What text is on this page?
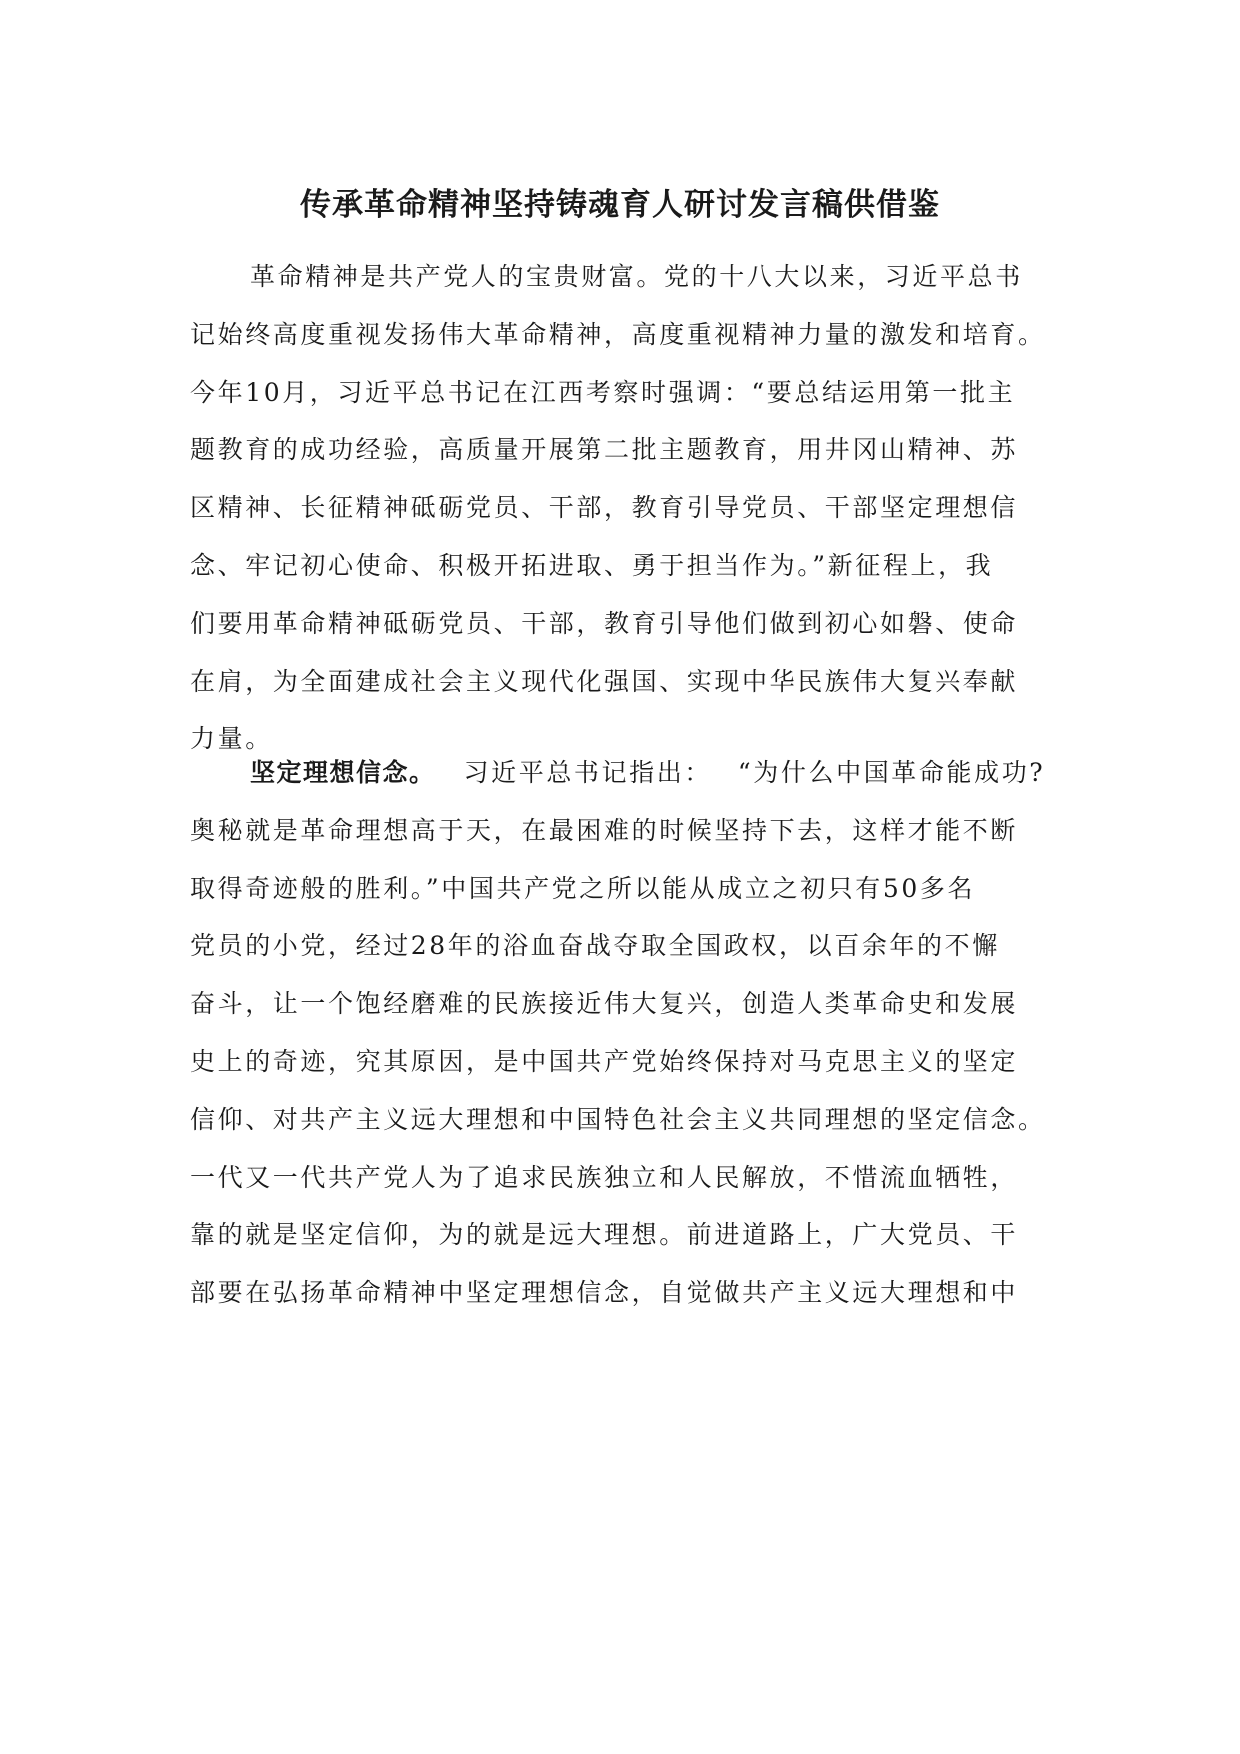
传承革命精神坚持铸魂育人研讨发言稿供借鉴
革命精神是共产党人的宝贵财富。党的十八大以来，习近平总书
记始终高度重视发扬伟大革命精神，高度重视精神力量的激发和培育。
今年10月，习近平总书记在江西考察时强调：“要总结运用第一批主
题教育的成功经验，高质量开展第二批主题教育，用井冈山精神、苏
区精神、长征精神砥砺党员、干部，教育引导党员、干部坚定理想信
念、牢记初心使命、积极开拓进取、勇于担当作为。”新征程上，我
们要用革命精神砥砺党员、干部，教育引导他们做到初心如磐、使命
在肩，为全面建成社会主义现代化强国、实现中华民族伟大复兴奉献
力量。
坚定理想信念。 习近平总书记指出： “为什么中国革命能成功?
奥秘就是革命理想高于天，在最困难的时候坚持下去，这样才能不断
取得奇迹般的胜利。”中国共产党之所以能从成立之初只有50多名
党员的小党，经过28年的浴血奋战夺取全国政权，以百余年的不懈
奋斗，让一个饱经磨难的民族接近伟大复兴，创造人类革命史和发展
史上的奇迹，究其原因，是中国共产党始终保持对马克思主义的坚定
信仰、对共产主义远大理想和中国特色社会主义共同理想的坚定信念。
一代又一代共产党人为了追求民族独立和人民解放，不惜流血牺牲，
靠的就是坚定信仰，为的就是远大理想。前进道路上，广大党员、干
部要在弘扬革命精神中坚定理想信念，自觉做共产主义远大理想和中
